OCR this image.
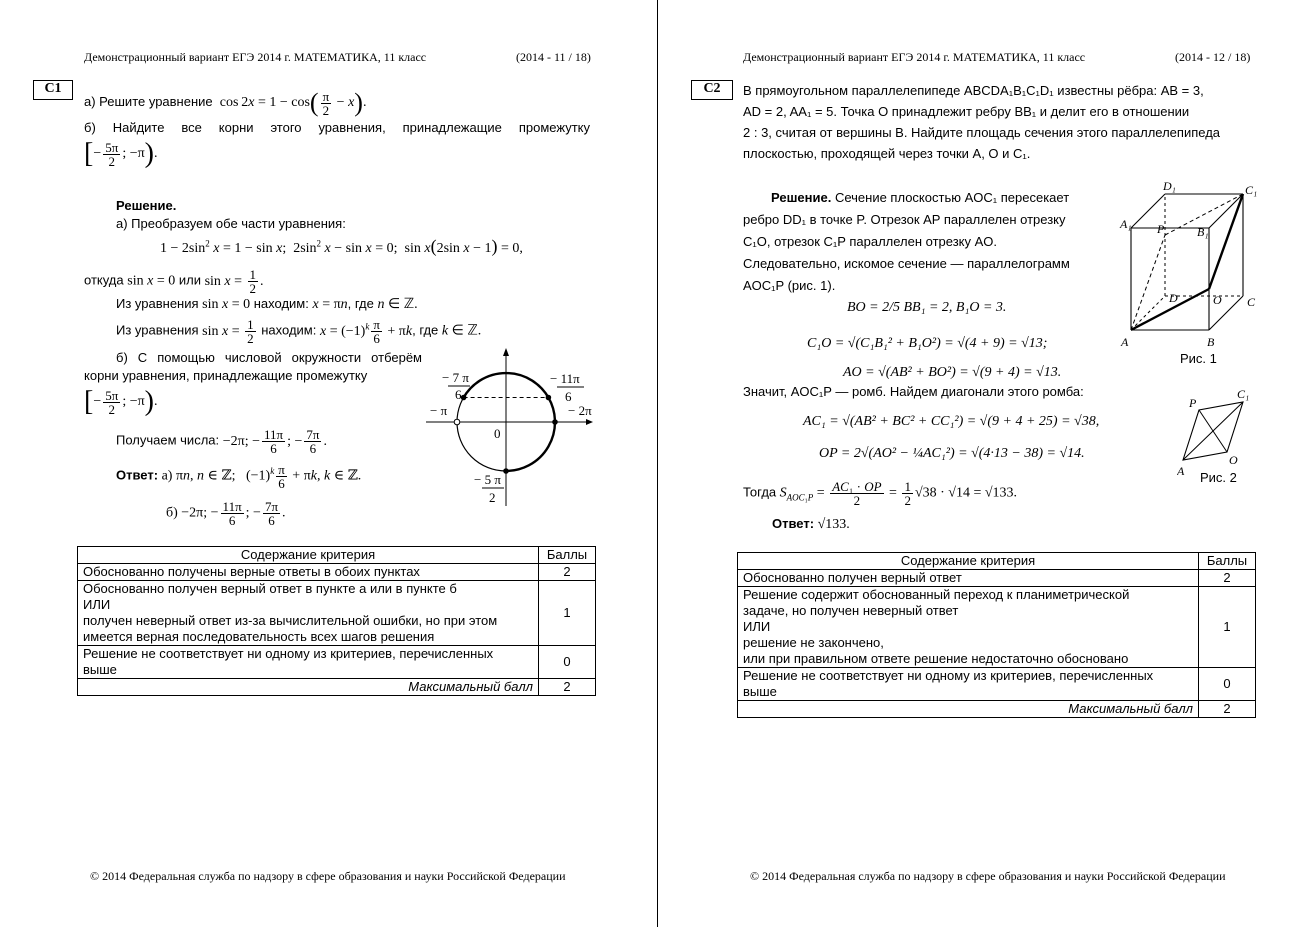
Демонстрационный вариант ЕГЭ 2014 г. МАТЕМАТИКА, 11 класс	(2014 - 11 / 18)
С1
а) Решите уравнение  $\cos 2x = 1 - \cos( \frac{\pi}{2} - x)$.
б) Найдите все корни этого уравнения, принадлежащие промежутку
[− $\frac{5\pi}{2}$ ; −π).
Решение.
а) Преобразуем обе части уравнения:
$1 - 2\sin^2$ x = 1 − sin x;  $2\sin^2$ x − sin x = 0;  sin x(2sin x − 1) = 0,
откуда sin x = 0 или $\sin x = \frac{1}{2}$ .
Из уравнения sin x = 0 находим: x = πn, где n ∈ ℤ.
Из уравнения $\sin x = \frac{1}{2}$ находим: $x = (-1)^k \frac{\pi}{6} + \pi k$, где k ∈ ℤ.
б) С помощью числовой окружности отберём корни уравнения, принадлежащие промежутку
[− $\frac{5\pi}{2}$ ; −π).
Получаем числа: −2π; − $\frac{11\pi}{6}$ ; − $\frac{7\pi}{6}$ .
Ответ: а) πn, n ∈ ℤ;   $(-1)^k \frac{\pi}{6} + \pi k$, k ∈ ℤ.
б) −2π; − $\frac{11\pi}{6}$ ; − $\frac{7\pi}{6}$ .
− 7 π
6
− π
− 11π
6
− 2π
0
− 5 π
2
Содержание критерия	Баллы

Обоснованно получены верные ответы в обоих пунктах	2

Обоснованно получен верный ответ в пункте а или в пункте б
ИЛИ
получен неверный ответ из-за вычислительной ошибки, но при этом
имеется верная последовательность всех шагов решения	1

Решение не соответствует ни одному из критериев, перечисленных
выше	0
Максимальный балл	2
© 2014 Федеральная служба по надзору в сфере образования и науки Российской Федерации
Демонстрационный вариант ЕГЭ 2014 г. МАТЕМАТИКА, 11 класс	(2014 - 12 / 18)
С2	В прямоугольном параллелепипеде ABCDA₁B₁C₁D₁ известны рёбра: AB = 3,
AD = 2, AA₁ = 5. Точка O принадлежит ребру BB₁ и делит его в отношении
2 : 3, считая от вершины B. Найдите площадь сечения этого параллелепипеда
плоскостью, проходящей через точки A, O и C₁.
Решение. Сечение плоскостью AOC₁ пересекает
ребро DD₁ в точке P. Отрезок AP параллелен отрезку
C₁O, отрезок C₁P параллелен отрезку AO.
Следовательно, искомое сечение — параллелограмм
AOC₁P (рис. 1).
BO = 2/5 BB₁ = 2, B₁O = 3.
C₁O = √(C₁B₁² + B₁O²) = √(4 + 9) = √13;
AO = √(AB² + BO²) = √(9 + 4) = √13.
Значит, AOC₁P — ромб. Найдем диагонали этого ромба:
AC₁ = √(AB² + BC² + CC₁²) = √(9 + 4 + 25) = √38,
OP = 2√(AO² − ¼AC₁²) = √(4·13 − 38) = √14.
Тогда $S_{AOC_1P} = \frac{\text{AC₁ · OP}}{2} = \frac{1}{2} √38 \cdot √14 = √133$.
Ответ: √133.
A	B
C
D	O
P
A₁
B₁
C₁
D₁
Рис. 1
A
P
C₁
O
Рис. 2
Содержание критерия	Баллы

Обоснованно получен верный ответ	2

Решение содержит обоснованный переход к планиметрической
задаче, но получен неверный ответ
ИЛИ
решение не закончено,
или при правильном ответе решение недостаточно обосновано	1

Решение не соответствует ни одному из критериев, перечисленных
выше	0
Максимальный балл	2
© 2014 Федеральная служба по надзору в сфере образования и науки Российской Федерации
